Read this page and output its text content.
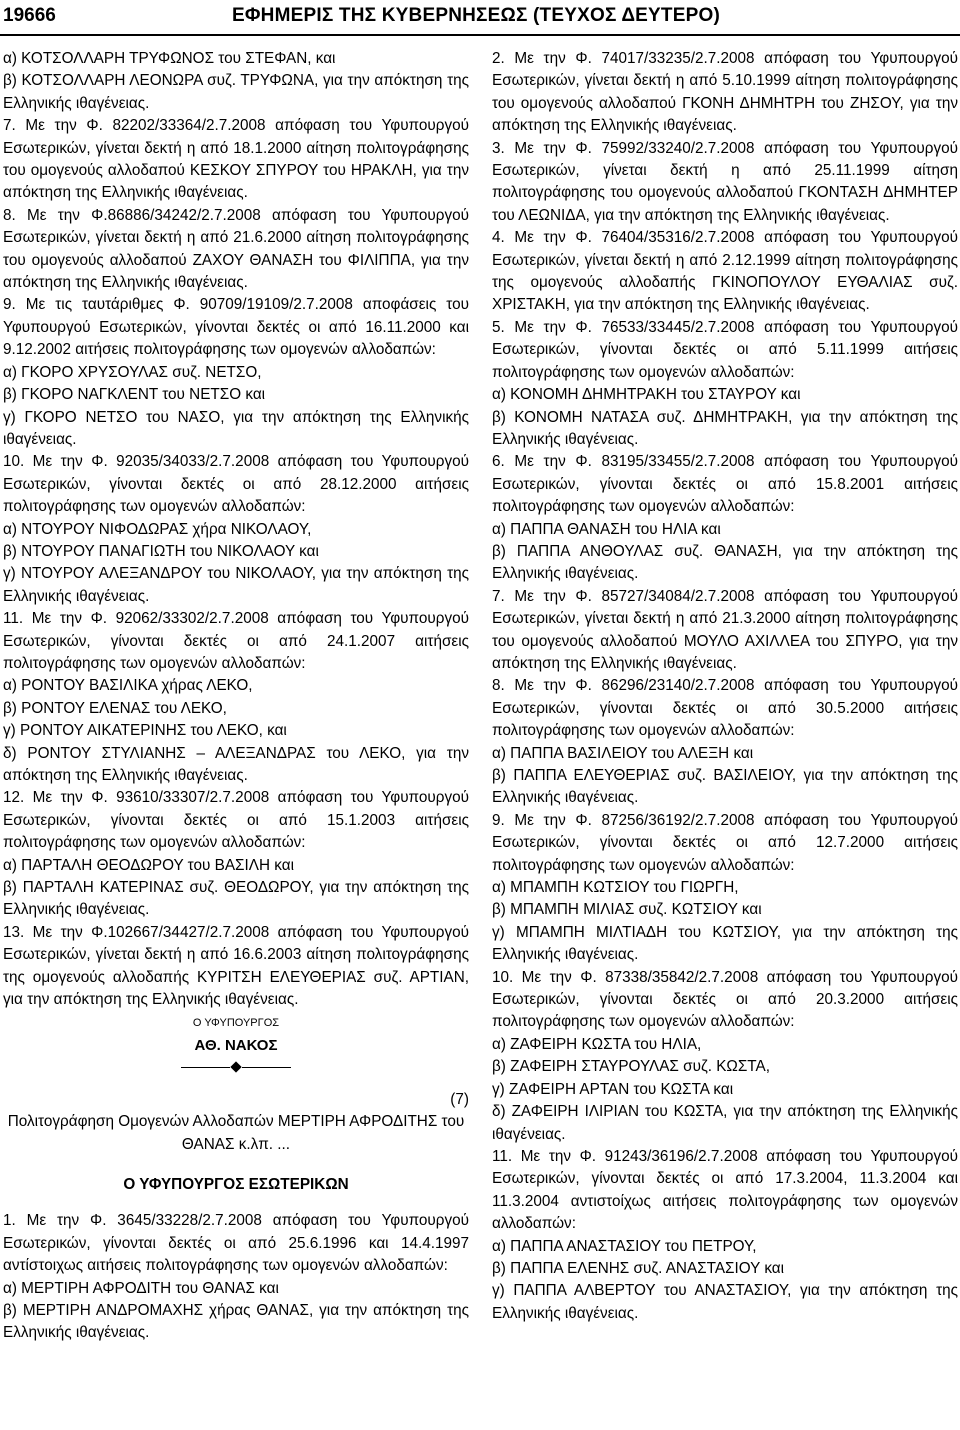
19666	ΕΦΗΜΕΡΙΣ ΤΗΣ ΚΥΒΕΡΝΗΣΕΩΣ (ΤΕΥΧΟΣ ΔΕΥΤΕΡΟ)

α) ΚΟΤΣΟΛΛΑΡΗ ΤΡΥΦΩΝΟΣ του ΣΤΕΦΑΝ, και

β) ΚΟΤΣΟΛΛΑΡΗ ΛΕΟΝΩΡΑ συζ. ΤΡΥΦΩΝΑ, για την απόκτηση της Ελληνικής ιθαγένειας.

7. Με την Φ. 82202/33364/2.7.2008 απόφαση του Υφυπουργού Εσωτερικών, γίνεται δεκτή η από 18.1.2000 αίτηση πολιτογράφησης του ομογενούς αλλοδαπού ΚΕΣΚΟΥ ΣΠΥΡΟΥ του ΗΡΑΚΛΗ, για την απόκτηση της Ελληνικής ιθαγένειας.

8. Με την Φ.86886/34242/2.7.2008 απόφαση του Υφυπουργού Εσωτερικών, γίνεται δεκτή η από 21.6.2000 αίτηση πολιτογράφησης του ομογενούς αλλοδαπού ΖΑΧΟΥ ΘΑΝΑΣΗ του ΦΙΛΙΠΠΑ, για την απόκτηση της Ελληνικής ιθαγένειας.

9. Με τις ταυτάριθμες Φ. 90709/19109/2.7.2008 αποφάσεις του Υφυπουργού Εσωτερικών, γίνονται δεκτές οι από 16.11.2000 και 9.12.2002 αιτήσεις πολιτογράφησης των ομογενών αλλοδαπών:

α) ΓΚΟΡΟ ΧΡΥΣΟΥΛΑΣ συζ. ΝΕΤΣΟ,

β) ΓΚΟΡΟ ΝΑΓΚΛΕΝΤ του ΝΕΤΣΟ και

γ) ΓΚΟΡΟ ΝΕΤΣΟ του ΝΑΣΟ, για την απόκτηση της Ελληνικής ιθαγένειας.

10. Με την Φ. 92035/34033/2.7.2008 απόφαση του Υφυπουργού Εσωτερικών, γίνονται δεκτές οι από 28.12.2000 αιτήσεις πολιτογράφησης των ομογενών αλλοδαπών:

α) ΝΤΟΥΡΟΥ ΝΙΦΟΔΩΡΑΣ χήρα ΝΙΚΟΛΑΟΥ,

β) ΝΤΟΥΡΟΥ ΠΑΝΑΓΙΩΤΗ του ΝΙΚΟΛΑΟΥ και

γ) ΝΤΟΥΡΟΥ ΑΛΕΞΑΝΔΡΟΥ του ΝΙΚΟΛΑΟΥ, για την απόκτηση της Ελληνικής ιθαγένειας.

11. Με την Φ. 92062/33302/2.7.2008 απόφαση του Υφυπουργού Εσωτερικών, γίνονται δεκτές οι από 24.1.2007 αιτήσεις πολιτογράφησης των ομογενών αλλοδαπών:

α) ΡΟΝΤΟΥ ΒΑΣΙΛΙΚΑ χήρας ΛΕΚΟ,

β) ΡΟΝΤΟΥ ΕΛΕΝΑΣ του ΛΕΚΟ,

γ) ΡΟΝΤΟΥ ΑΙΚΑΤΕΡΙΝΗΣ του ΛΕΚΟ, και

δ) ΡΟΝΤΟΥ ΣΤΥΛΙΑΝΗΣ – ΑΛΕΞΑΝΔΡΑΣ του ΛΕΚΟ, για την απόκτηση της Ελληνικής ιθαγένειας.

12. Με την Φ. 93610/33307/2.7.2008 απόφαση του Υφυπουργού Εσωτερικών, γίνονται δεκτές οι από 15.1.2003 αιτήσεις πολιτογράφησης των ομογενών αλλοδαπών:

α) ΠΑΡΤΑΛΗ ΘΕΟΔΩΡΟΥ του ΒΑΣΙΛΗ και

β) ΠΑΡΤΑΛΗ ΚΑΤΕΡΙΝΑΣ συζ. ΘΕΟΔΩΡΟΥ, για την απόκτηση της Ελληνικής ιθαγένειας.

13. Με την Φ.102667/34427/2.7.2008 απόφαση του Υφυπουργού Εσωτερικών, γίνεται δεκτή η από 16.6.2003 αίτηση πολιτογράφησης της ομογενούς αλλοδαπής ΚΥΡΙΤΣΗ ΕΛΕΥΘΕΡΙΑΣ συζ. ΑΡΤΙΑΝ, για την απόκτηση της Ελληνικής ιθαγένειας.

Ο ΥΦΥΠΟΥΡΓΟΣ
ΑΘ. ΝΑΚΟΣ
(7)

Πολιτογράφηση Ομογενών Αλλοδαπών ΜΕΡΤΙΡΗ ΑΦΡΟΔΙΤΗΣ του ΘΑΝΑΣ κ.λπ. ...

Ο ΥΦΥΠΟΥΡΓΟΣ ΕΣΩΤΕΡΙΚΩΝ

1. Με την Φ. 3645/33228/2.7.2008 απόφαση του Υφυπουργού Εσωτερικών, γίνονται δεκτές οι από 25.6.1996 και 14.4.1997 αντίστοιχως αιτήσεις πολιτογράφησης των ομογενών αλλοδαπών:

α) ΜΕΡΤΙΡΗ ΑΦΡΟΔΙΤΗ του ΘΑΝΑΣ και

β) ΜΕΡΤΙΡΗ ΑΝΔΡΟΜΑΧΗΣ χήρας ΘΑΝΑΣ, για την απόκτηση της Ελληνικής ιθαγένειας.

2. Με την Φ. 74017/33235/2.7.2008 απόφαση του Υφυπουργού Εσωτερικών, γίνεται δεκτή η από 5.10.1999 αίτηση πολιτογράφησης του ομογενούς αλλοδαπού ΓΚΟΝΗ ΔΗΜΗΤΡΗ του ΖΗΣΟΥ, για την απόκτηση της Ελληνικής ιθαγένειας.

3. Με την Φ. 75992/33240/2.7.2008 απόφαση του Υφυπουργού Εσωτερικών, γίνεται δεκτή η από 25.11.1999 αίτηση πολιτογράφησης του ομογενούς αλλοδαπού ΓΚΟΝΤΑΣΗ ΔΗΜΗΤΕΡ του ΛΕΩΝΙΔΑ, για την απόκτηση της Ελληνικής ιθαγένειας.

4. Με την Φ. 76404/35316/2.7.2008 απόφαση του Υφυπουργού Εσωτερικών, γίνεται δεκτή η από 2.12.1999 αίτηση πολιτογράφησης της ομογενούς αλλοδαπής ΓΚΙΝΟΠΟΥΛΟΥ ΕΥΘΑΛΙΑΣ συζ. ΧΡΙΣΤΑΚΗ, για την απόκτηση της Ελληνικής ιθαγένειας.

5. Με την Φ. 76533/33445/2.7.2008 απόφαση του Υφυπουργού Εσωτερικών, γίνονται δεκτές οι από 5.11.1999 αιτήσεις πολιτογράφησης των ομογενών αλλοδαπών:

α) ΚΟΝΟΜΗ ΔΗΜΗΤΡΑΚΗ του ΣΤΑΥΡΟΥ και

β) ΚΟΝΟΜΗ ΝΑΤΑΣΑ συζ. ΔΗΜΗΤΡΑΚΗ, για την απόκτηση της Ελληνικής ιθαγένειας.

6. Με την Φ. 83195/33455/2.7.2008 απόφαση του Υφυπουργού Εσωτερικών, γίνονται δεκτές οι από 15.8.2001 αιτήσεις πολιτογράφησης των ομογενών αλλοδαπών:

α) ΠΑΠΠΑ ΘΑΝΑΣΗ του ΗΛΙΑ και

β) ΠΑΠΠΑ ΑΝΘΟΥΛΑΣ συζ. ΘΑΝΑΣΗ, για την απόκτηση της Ελληνικής ιθαγένειας.

7. Με την Φ. 85727/34084/2.7.2008 απόφαση του Υφυπουργού Εσωτερικών, γίνεται δεκτή η από 21.3.2000 αίτηση πολιτογράφησης του ομογενούς αλλοδαπού ΜΟΥΛΟ ΑΧΙΛΛΕΑ του ΣΠΥΡΟ, για την απόκτηση της Ελληνικής ιθαγένειας.

8. Με την Φ. 86296/23140/2.7.2008 απόφαση του Υφυπουργού Εσωτερικών, γίνονται δεκτές οι από 30.5.2000 αιτήσεις πολιτογράφησης των ομογενών αλλοδαπών:

α) ΠΑΠΠΑ ΒΑΣΙΛΕΙΟΥ του ΑΛΕΞΗ και

β) ΠΑΠΠΑ ΕΛΕΥΘΕΡΙΑΣ συζ. ΒΑΣΙΛΕΙΟΥ, για την απόκτηση της Ελληνικής ιθαγένειας.

9. Με την Φ. 87256/36192/2.7.2008 απόφαση του Υφυπουργού Εσωτερικών, γίνονται δεκτές οι από 12.7.2000 αιτήσεις πολιτογράφησης των ομογενών αλλοδαπών:

α) ΜΠΑΜΠΗ ΚΩΤΣΙΟΥ του ΓΙΩΡΓΗ,

β) ΜΠΑΜΠΗ ΜΙΛΙΑΣ συζ. ΚΩΤΣΙΟΥ και

γ) ΜΠΑΜΠΗ ΜΙΛΤΙΑΔΗ του ΚΩΤΣΙΟΥ, για την απόκτηση της Ελληνικής ιθαγένειας.

10. Με την Φ. 87338/35842/2.7.2008 απόφαση του Υφυπουργού Εσωτερικών, γίνονται δεκτές οι από 20.3.2000 αιτήσεις πολιτογράφησης των ομογενών αλλοδαπών:

α) ΖΑΦΕΙΡΗ ΚΩΣΤΑ του ΗΛΙΑ,

β) ΖΑΦΕΙΡΗ ΣΤΑΥΡΟΥΛΑΣ συζ. ΚΩΣΤΑ,

γ) ΖΑΦΕΙΡΗ ΑΡΤΑΝ του ΚΩΣΤΑ και

δ) ΖΑΦΕΙΡΗ ΙΛΙΡΙΑΝ του ΚΩΣΤΑ, για την απόκτηση της Ελληνικής ιθαγένειας.

11. Με την Φ. 91243/36196/2.7.2008 απόφαση του Υφυπουργού Εσωτερικών, γίνονται δεκτές οι από 17.3.2004, 11.3.2004 και 11.3.2004 αντιστοίχως αιτήσεις πολιτογράφησης των ομογενών αλλοδαπών:

α) ΠΑΠΠΑ ΑΝΑΣΤΑΣΙΟΥ του ΠΕΤΡΟΥ,

β) ΠΑΠΠΑ ΕΛΕΝΗΣ συζ. ΑΝΑΣΤΑΣΙΟΥ και

γ) ΠΑΠΠΑ ΑΛΒΕΡΤΟΥ του ΑΝΑΣΤΑΣΙΟΥ, για την απόκτηση της Ελληνικής ιθαγένειας.
